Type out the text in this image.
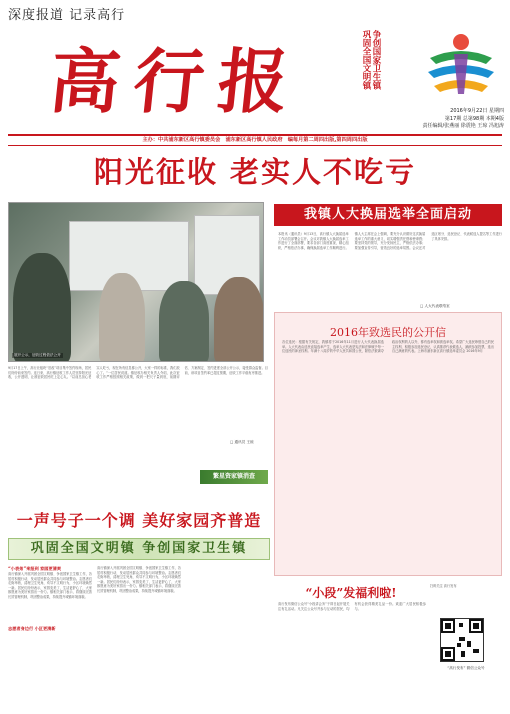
深度报道 记录高行
高行报	争创国家卫生镇 巩固全国文明镇
2016年9月22日 星期四
第17期 总第98期 本期4版
责任编辑/张燕丽 徐震艳 王琼 冯旭涛
主办：中共浦东新区高行镇委员会　浦东新区高行镇人民政府　编每月第二周四出版,第四周四出版
阳光征收 老实人不吃亏
展开公示，征收过程依法公开
我镇人大换届选举全面启动
本报讯（通讯员）9月13日，高行镇人大换届选举工作动员部署会召开。会议对我镇人大换届选举工作进行了全面部署，要求各部门高度重视，精心组织，严格依法办事，确保换届选举工作顺利进行。镇人大主席在会上强调，要充分认识做好这次换届选举工作的重大意义，切实增强责任感和使命感；要坚持党的领导，充分发扬民主，严格依法办事；要加强宣传引导，营造良好的选举氛围。会议还对选区划分、选民登记、代表候选人提名等工作进行了具体安排。
□ 人大代表联络室
9月17日上午，高行北板块“旧改”项目集中签约现场，居民们纷纷前来签约。连日来，高行镇征收工作人员坚持阳光征收，公开透明，让被征收居民吃上定心丸。“以前总担心老实人吃亏，现在所有信息都公开，大家一样的标准，我们放心了。”一位居民说道。镇征收办相关负责人介绍，此次征收工作严格按照相关政策，做到一把尺子量到底，前期评估、方案制定、签约进度全部公开公示，接受群众监督。目前，该项目签约率已超过预期，征收工作平稳有序推进。
□ 通讯员 王琼
繁星资家镇消查
2016年致选民的公开信
各位选民：根据有关规定，我镇将于2016年11月进行人大代表换届选举。人大代表由选民直接选举产生，选举人大代表是宪法和法律赋予每一位选民的神圣权利。年满十八周岁的中华人民共和国公民，除依法被剥夺政治权利的人以外，都有选举权和被选举权。希望广大选民珍惜自己的民主权利，积极参加选民登记，认真推荐代表候选人，踊跃参加投票，选出自己满意的代表。上海市浦东新区高行镇选举委员会 2016年9月
一声号子一个调 美好家园齐普造
巩固全国文明镇 争创国家卫生镇
“小表弟”来报到 家园更清爽
高行镇深入开展巩固全国文明镇、争创国家卫生镇工作，各居村积极行动，发动居民群众共同参与环境整治。志愿者们走街串巷，清理卫生死角，劝导不文明行为，小区环境焕然一新。居民们纷纷表示，家园变美了，生活更舒心了，大家都愿意为美好家园出一份力。镇相关部门表示，将继续完善长效管理机制，巩固整治成果，持续提升城镇环境面貌。
志愿者身边行 小区更清新
高行镇深入开展巩固全国文明镇、争创国家卫生镇工作，各居村积极行动，发动居民群众共同参与环境整治。志愿者们走街串巷，清理卫生死角，劝导不文明行为，小区环境焕然一新。居民们纷纷表示，家园变美了，生活更舒心了，大家都愿意为美好家园出一份力。镇相关部门表示，将继续完善长效管理机制，巩固整治成果，持续提升城镇环境面貌。	“小段”发福利啦!
高行发布微信公众号“小段讲会务”于即日起开展关注有礼活动。凡关注公众号并参与互动的居民，均有机会获得精美礼品一份。欢迎广大居民积极参与。
扫码关注 高行发布
“高行发布” 微信公众号
